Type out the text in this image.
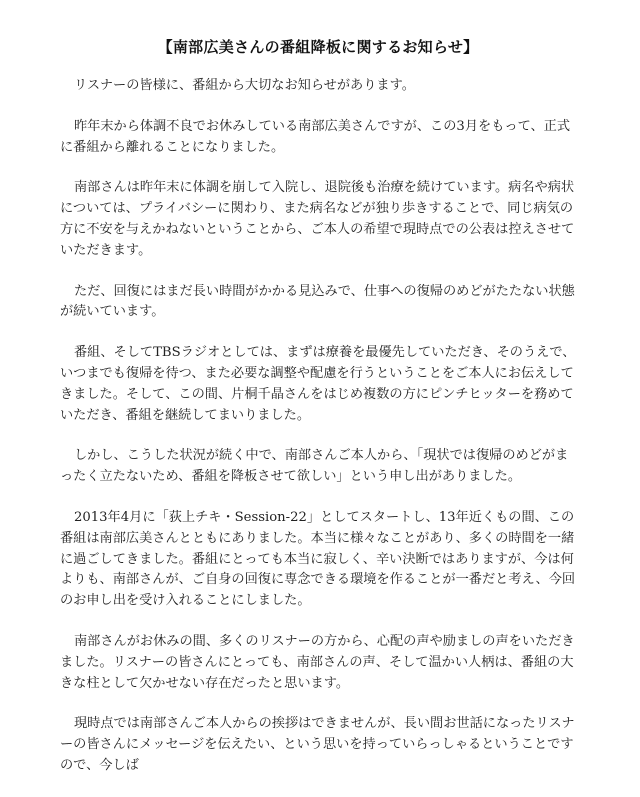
【南部広美さんの番組降板に関するお知らせ】

リスナーの皆様に、番組から大切なお知らせがあります。

昨年末から体調不良でお休みしている南部広美さんですが、この3月をもって、正式に番組から離れることになりました。

南部さんは昨年末に体調を崩して入院し、退院後も治療を続けています。病名や病状については、プライバシーに関わり、また病名などが独り歩きすることで、同じ病気の方に不安を与えかねないということから、ご本人の希望で現時点での公表は控えさせていただきます。

ただ、回復にはまだ長い時間がかかる見込みで、仕事への復帰のめどがたたない状態が続いています。

番組、そしてTBSラジオとしては、まずは療養を最優先していただき、そのうえで、いつまでも復帰を待つ、また必要な調整や配慮を行うということをご本人にお伝えしてきました。そして、この間、片桐千晶さんをはじめ複数の方にピンチヒッターを務めていただき、番組を継続してまいりました。

しかし、こうした状況が続く中で、南部さんご本人から、「現状では復帰のめどがまったく立たないため、番組を降板させて欲しい」という申し出がありました。

2013年4月に「荻上チキ・Session-22」としてスタートし、13年近くもの間、この番組は南部広美さんとともにありました。本当に様々なことがあり、多くの時間を一緒に過ごしてきました。番組にとっても本当に寂しく、辛い決断ではありますが、今は何よりも、南部さんが、ご自身の回復に専念できる環境を作ることが一番だと考え、今回のお申し出を受け入れることにしました。

南部さんがお休みの間、多くのリスナーの方から、心配の声や励ましの声をいただきました。リスナーの皆さんにとっても、南部さんの声、そして温かい人柄は、番組の大きな柱として欠かせない存在だったと思います。

現時点では南部さんご本人からの挨拶はできませんが、長い間お世話になったリスナーの皆さんにメッセージを伝えたい、という思いを持っていらっしゃるということですので、今しば
